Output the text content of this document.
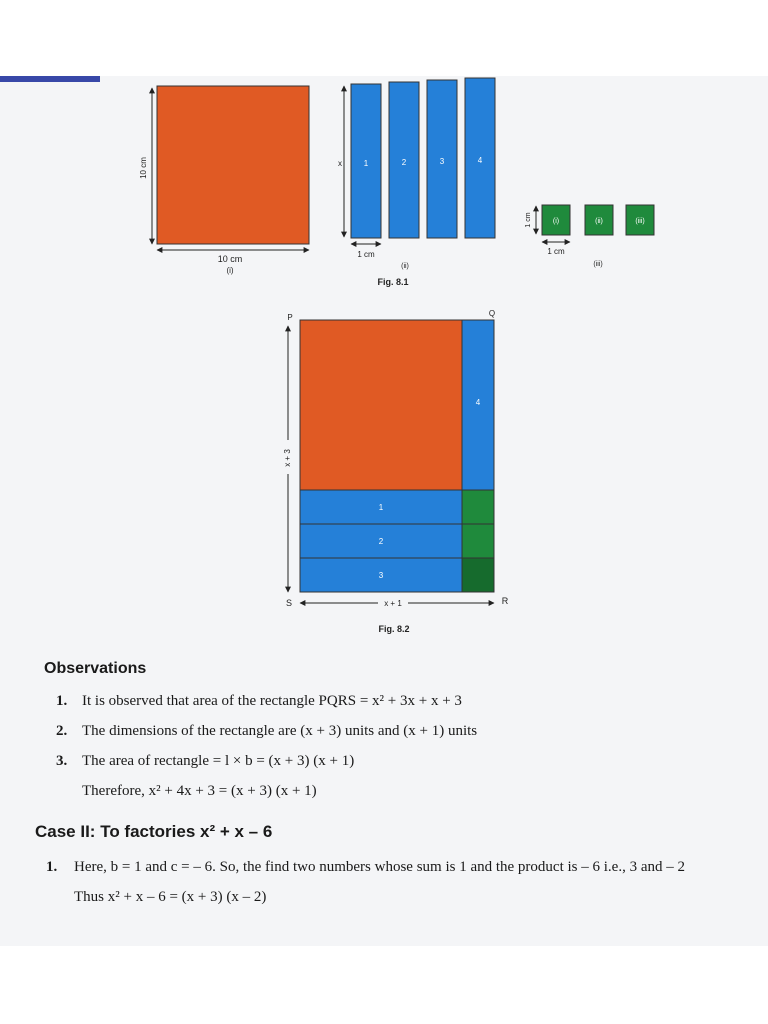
10 cm
10 cm
(i)
x	1	2	3	4
1 cm
(ii)
Fig. 8.1
1 cm	(i)	(ii)	(iii)
1 cm
(iii)
4
1
2
3
P	Q
R
S
x + 3
x + 1
Fig. 8.2
Observations
1. It is observed that area of the rectangle PQRS = x² + 3x + x + 3
2. The dimensions of the rectangle are (x + 3) units and (x + 1) units
3. The area of rectangle = l × b = (x + 3) (x + 1)
Therefore, x² + 4x + 3 = (x + 3) (x + 1)
Case II: To factories x² + x – 6
1. Here, b = 1 and c = – 6. So, the find two numbers whose sum is 1 and the product is – 6 i.e., 3 and – 2
Thus x² + x – 6 = (x + 3) (x – 2)
